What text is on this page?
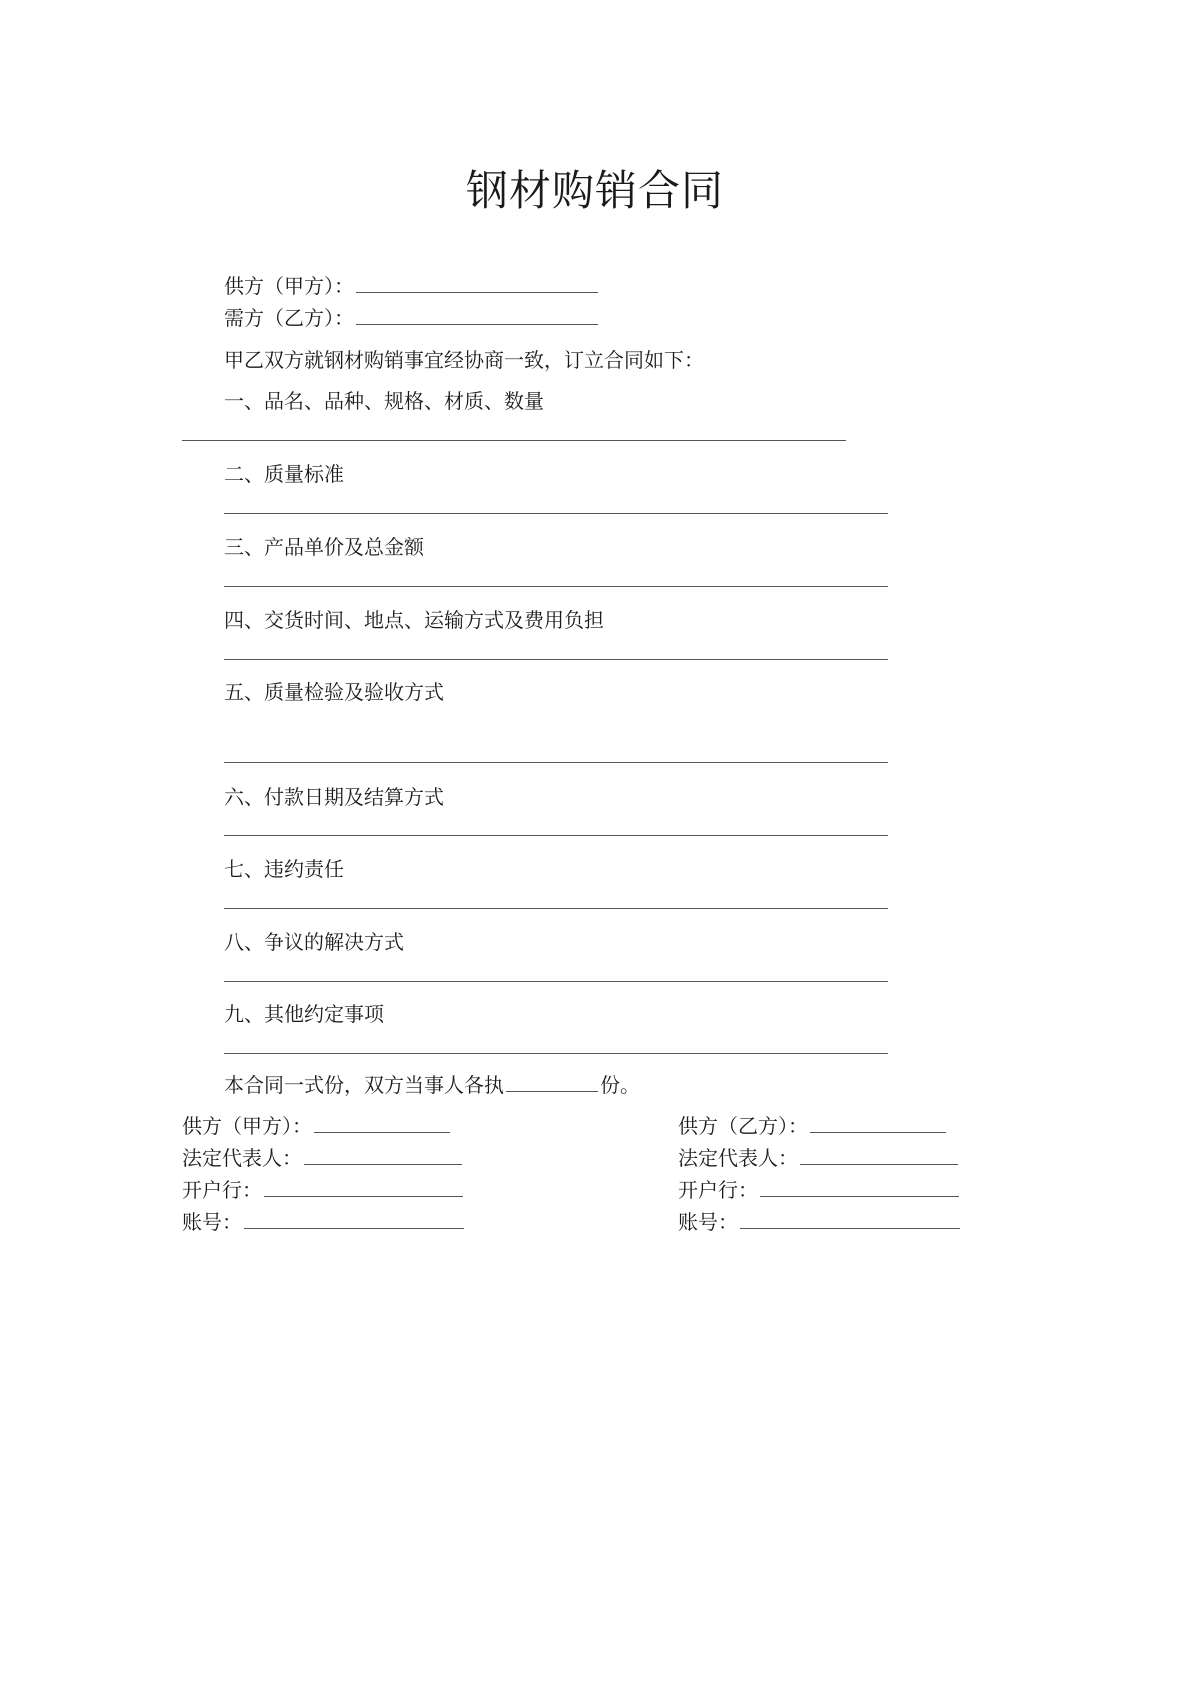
钢材购销合同
供方（甲方）：
需方（乙方）：
甲乙双方就钢材购销事宜经协商一致，订立合同如下：
一、品名、品种、规格、材质、数量
二、质量标准
三、产品单价及总金额
四、交货时间、地点、运输方式及费用负担
五、质量检验及验收方式
六、付款日期及结算方式
七、违约责任
八、争议的解决方式
九、其他约定事项
本合同一式份，双方当事人各执	份。
供方（甲方）：
法定代表人：
开户行：
账号：
供方（乙方）：
法定代表人：
开户行：
账号：
